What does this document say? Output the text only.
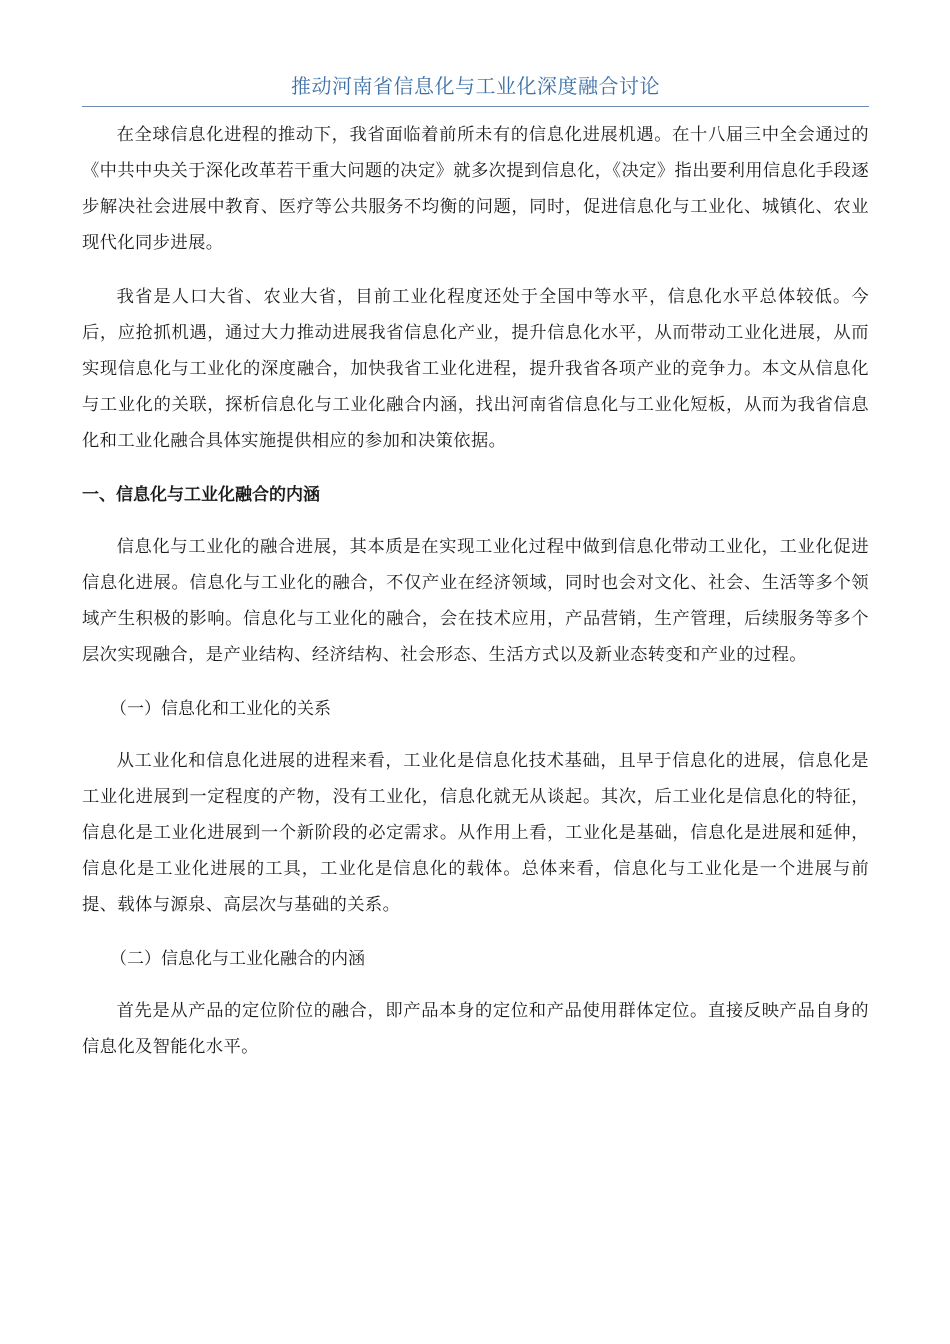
推动河南省信息化与工业化深度融合讨论

在全球信息化进程的推动下，我省面临着前所未有的信息化进展机遇。在十八届三中全会通过的《中共中央关于深化改革若干重大问题的决定》就多次提到信息化，《决定》指出要利用信息化手段逐步解决社会进展中教育、医疗等公共服务不均衡的问题，同时，促进信息化与工业化、城镇化、农业现代化同步进展。

我省是人口大省、农业大省，目前工业化程度还处于全国中等水平，信息化水平总体较低。今后，应抢抓机遇，通过大力推动进展我省信息化产业，提升信息化水平，从而带动工业化进展，从而实现信息化与工业化的深度融合，加快我省工业化进程，提升我省各项产业的竞争力。本文从信息化与工业化的关联，探析信息化与工业化融合内涵，找出河南省信息化与工业化短板，从而为我省信息化和工业化融合具体实施提供相应的参加和决策依据。

一、信息化与工业化融合的内涵

信息化与工业化的融合进展，其本质是在实现工业化过程中做到信息化带动工业化，工业化促进信息化进展。信息化与工业化的融合，不仅产业在经济领域，同时也会对文化、社会、生活等多个领域产生积极的影响。信息化与工业化的融合，会在技术应用，产品营销，生产管理，后续服务等多个层次实现融合，是产业结构、经济结构、社会形态、生活方式以及新业态转变和产业的过程。

（一）信息化和工业化的关系

从工业化和信息化进展的进程来看，工业化是信息化技术基础，且早于信息化的进展，信息化是工业化进展到一定程度的产物，没有工业化，信息化就无从谈起。其次，后工业化是信息化的特征，信息化是工业化进展到一个新阶段的必定需求。从作用上看，工业化是基础，信息化是进展和延伸，信息化是工业化进展的工具，工业化是信息化的载体。总体来看，信息化与工业化是一个进展与前提、载体与源泉、高层次与基础的关系。

（二）信息化与工业化融合的内涵

首先是从产品的定位阶位的融合，即产品本身的定位和产品使用群体定位。直接反映产品自身的信息化及智能化水平。
